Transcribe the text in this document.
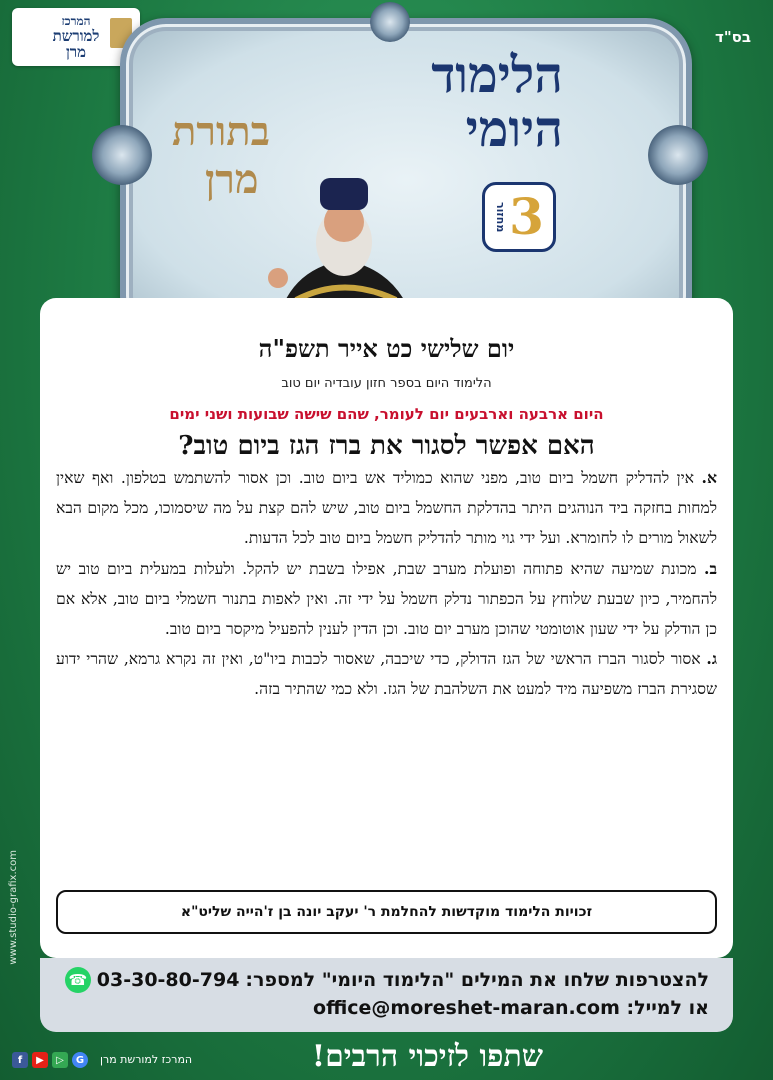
בס"ד
המרכז
למורשת
מרן	הלימוד
היומי
בתורת
מרן
3
מחזור
יום שלישי כט אייר תשפ"ה
הלימוד היום בספר חזון עובדיה יום טוב
היום ארבעה וארבעים יום לעומר, שהם שישה שבועות ושני ימים
האם אפשר לסגור את ברז הגז ביום טוב?

א. אין להדליק חשמל ביום טוב, מפני שהוא כמוליד אש ביום טוב. וכן אסור להשתמש בטלפון. ואף שאין למחות בחזקה ביד הנוהגים היתר בהדלקת החשמל ביום טוב, שיש להם קצת על מה שיסמוכו, מכל מקום הבא לשאול מורים לו לחומרא. ועל ידי גוי מותר להדליק חשמל ביום טוב לכל הדעות.

ב. מכונת שמיעה שהיא פתוחה ופועלת מערב שבת, אפילו בשבת יש להקל. ולעלות במעלית ביום טוב יש להחמיר, כיון שבעת שלוחץ על הכפתור נדלק חשמל על ידי זה. ואין לאפות בתנור חשמלי ביום טוב, אלא אם כן הודלק על ידי שעון אוטומטי שהוכן מערב יום טוב. וכן הדין לענין להפעיל מיקסר ביום טוב.

ג. אסור לסגור הברז הראשי של הגז הדולק, כדי שיכבה, שאסור לכבות ביו"ט, ואין זה נקרא גרמא, שהרי ידוע שסגירת הברז משפיעה מיד למעט את השלהבת של הגז. ולא כמי שהתיר בזה.

זכויות הלימוד מוקדשות להחלמת ר' יעקב יונה בן ז'הייה שליט"א
להצטרפות שלחו את המילים "הלימוד היומי" למספר:
03-30-80-794
☎
או למייל: office@moreshet-maran.com
שתפו לזיכוי הרבים!
המרכז למורשת מרן
f	▶	▷	G
www.studio-grafix.com
